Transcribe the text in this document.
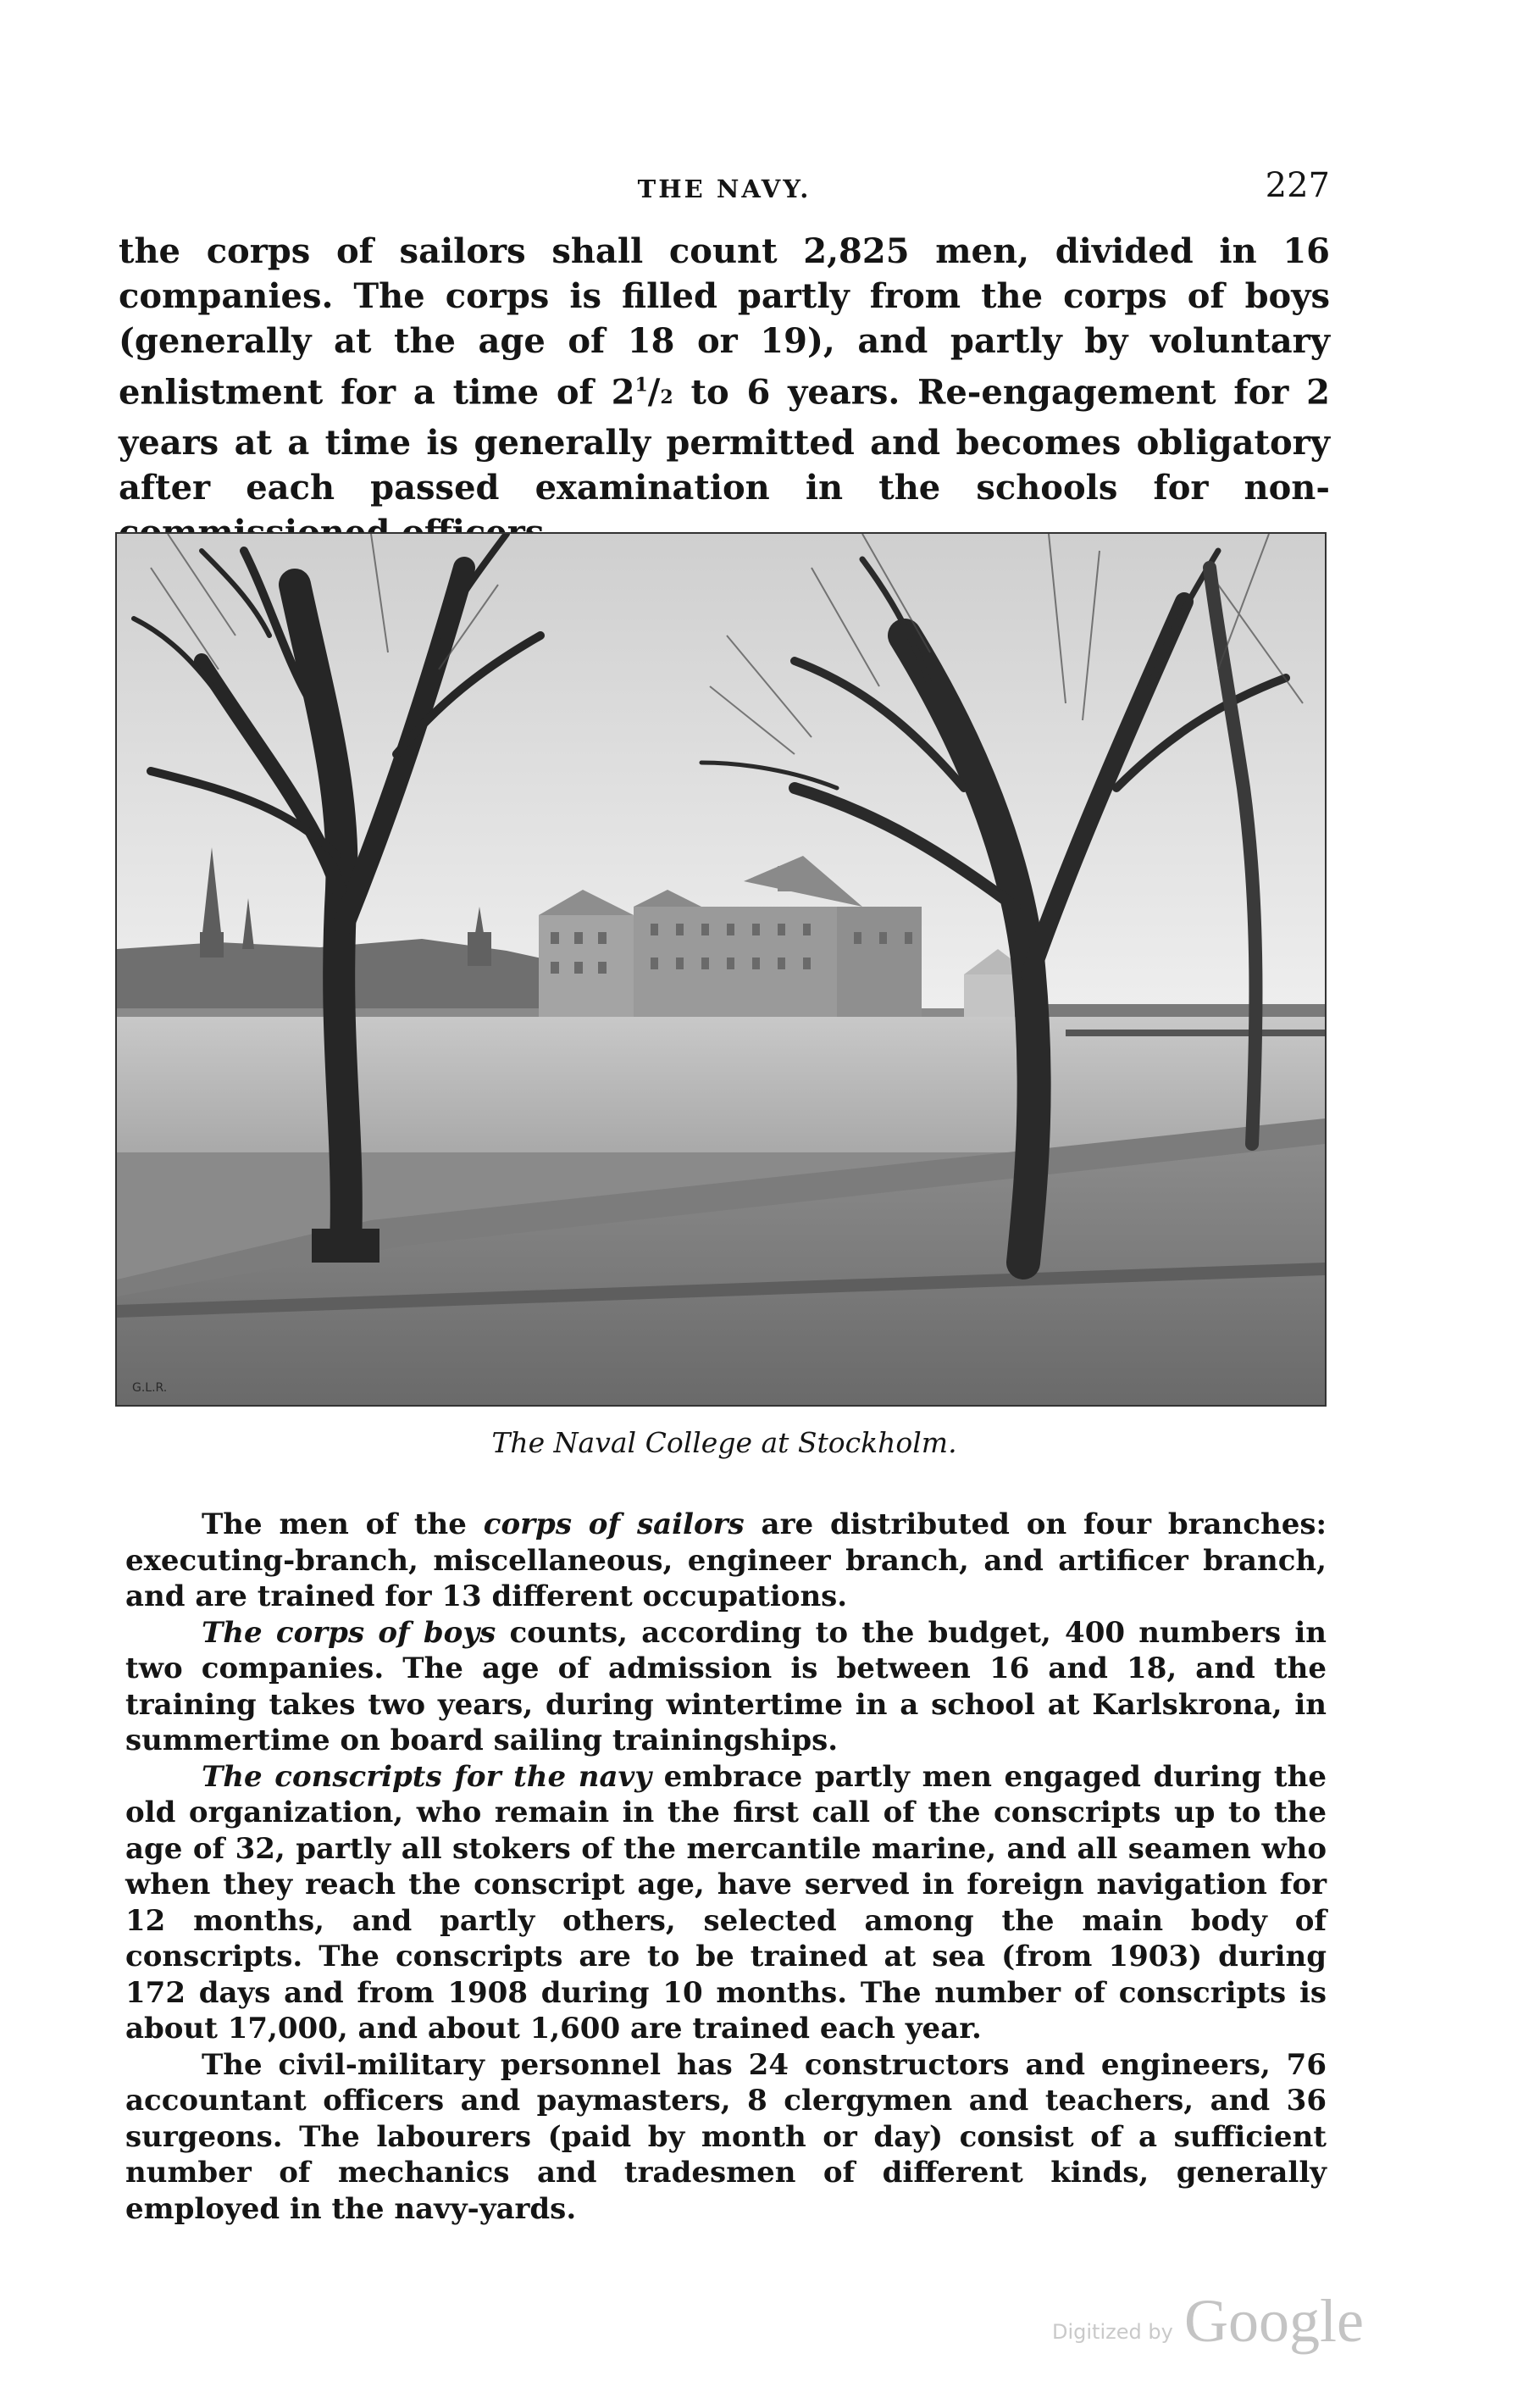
THE NAVY.	227

the corps of sailors shall count 2,825 men, divided in 16 companies. The corps is filled partly from the corps of boys (generally at the age of 18 or 19), and partly by voluntary enlistment for a time of $2^1/2$ to 6 years. Re-engagement for 2 years at a time is generally permitted and becomes obligatory after each passed examination in the schools for non-

G.L.R.

The Naval College at Stockholm.

The men of the corps of sailors are distributed on four branches: executing-branch, miscellaneous, engineer branch, and artificer branch, and are trained for 13 different occupations.

The corps of boys counts, according to the budget, 400 numbers in two companies. The age of admission is between 16 and 18, and the training takes two years, during wintertime in a school at Karlskrona, in summertime on board sailing trainingships.

The conscripts for the navy embrace partly men engaged during the old organization, who remain in the first call of the conscripts up to the age of 32, partly all stokers of the mercantile marine, and all seamen who when they reach the conscript age, have served in foreign navigation for 12 months, and partly others, selected among the main body of conscripts. The conscripts are to be trained at sea (from 1903) during 172 days and from 1908 during 10 months. The number of conscripts is about 17,000, and about 1,600 are trained each year.

The civil-military personnel has 24 constructors and engineers, 76 accountant officers and paymasters, 8 clergymen and teachers, and 36 surgeons. The labourers (paid by month or day) consist of a sufficient number of mechanics and tradesmen of different kinds, generally employed in the navy-yards.

Digitized by Google
